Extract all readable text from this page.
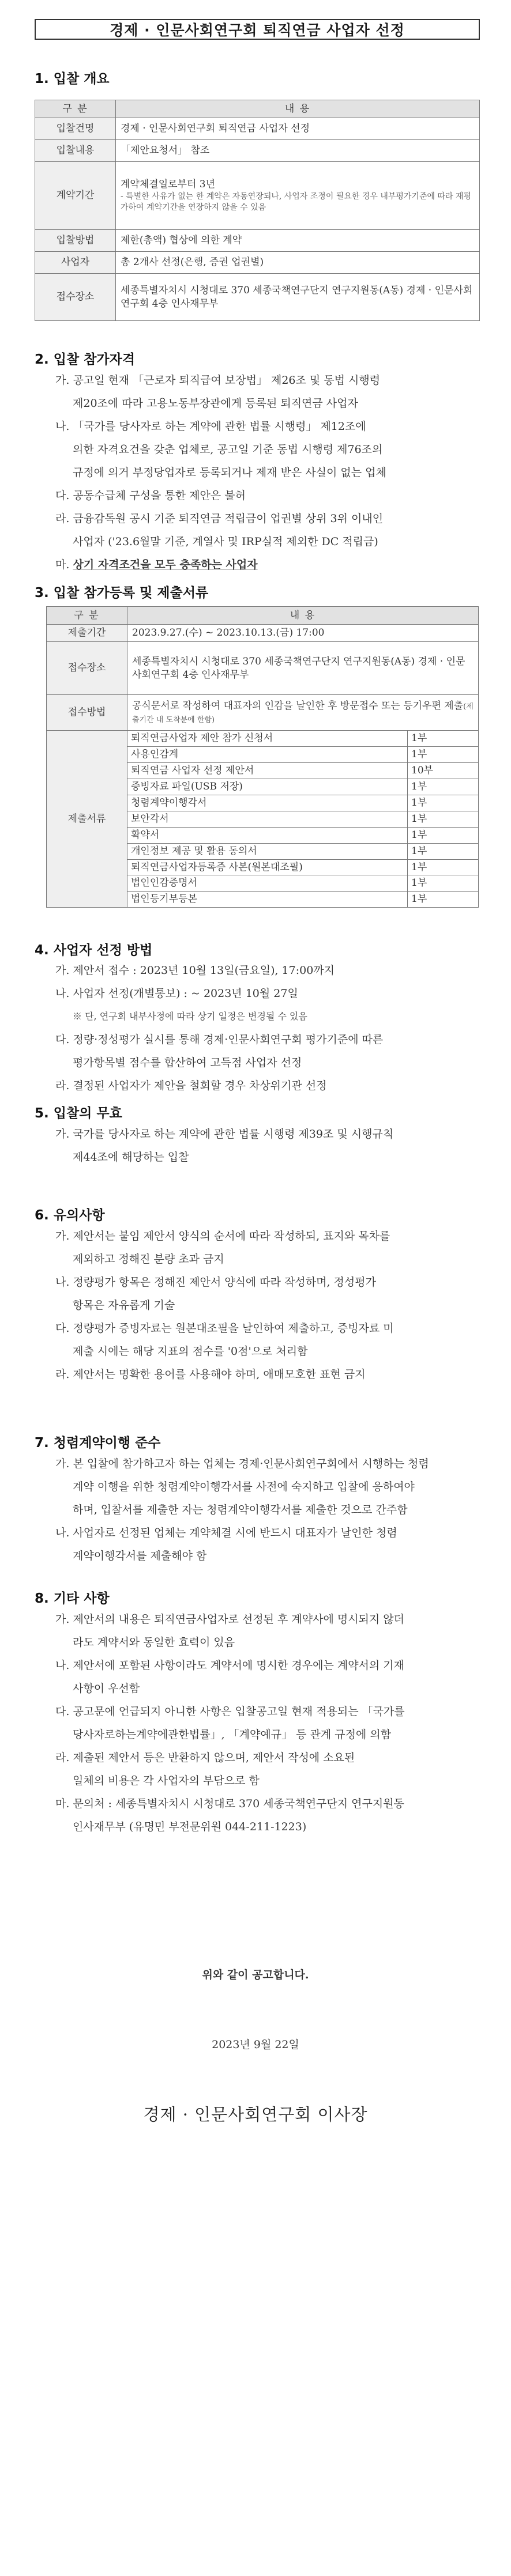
경제 · 인문사회연구회 퇴직연금 사업자 선정
1. 입찰 개요
구 분	내 용
입찰건명	경제 · 인문사회연구회 퇴직연금 사업자 선정
입찰내용	「제안요청서」 참조
계약기간	계약체결일로부터 3년
- 특별한 사유가 없는 한 계약은 자동연장되나, 사업자 조정이 필요한 경우 내부평가기준에 따라 재평가하여 계약기간을 연장하지 않을 수 있음

입찰방법	제한(총액) 협상에 의한 계약
사업자	총 2개사 선정(은행, 증권 업권별)
접수장소	세종특별자치시 시청대로 370 세종국책연구단지 연구지원동(A동) 경제 · 인문사회연구회 4층 인사재무부
2. 입찰 참가자격
가. 공고일 현재 「근로자 퇴직급여 보장법」 제26조 및 동법 시행령
제20조에 따라 고용노동부장관에게 등록된 퇴직연금 사업자
나. 「국가를 당사자로 하는 계약에 관한 법률 시행령」 제12조에
의한 자격요건을 갖춘 업체로, 공고일 기준 동법 시행령 제76조의
규정에 의거 부정당업자로 등록되거나 제재 받은 사실이 없는 업체
다. 공동수급체 구성을 통한 제안은 불허
라. 금융감독원 공시 기준 퇴직연금 적립금이 업권별 상위 3위 이내인
사업자 ('23.6월말 기준, 계열사 및 IRP실적 제외한 DC 적립금)
마. 상기 자격조건을 모두 충족하는 사업자
3. 입찰 참가등록 및 제출서류
구 분	내 용
제출기간	2023.9.27.(수) ~ 2023.10.13.(금) 17:00
접수장소	세종특별자치시 시청대로 370 세종국책연구단지 연구지원동(A동) 경제 · 인문사회연구회 4층 인사재무부
접수방법	공식문서로 작성하여 대표자의 인감을 날인한 후 방문접수 또는 등기우편 제출(제출기간 내 도착분에 한함)
제출서류	
퇴직연금사업자 제안 참가 신청서	1부
사용인감계	1부
퇴직연금 사업자 선정 제안서	10부
증빙자료 파일(USB 저장)	1부
청렴계약이행각서	1부
보안각서	1부
확약서	1부
개인정보 제공 및 활용 동의서	1부
퇴직연금사업자등록증 사본(원본대조필)	1부
법인인감증명서	1부
법인등기부등본	1부
4. 사업자 선정 방법
가. 제안서 접수 : 2023년 10월 13일(금요일), 17:00까지
나. 사업자 선정(개별통보) : ~ 2023년 10월 27일
※ 단, 연구회 내부사정에 따라 상기 일정은 변경될 수 있음
다. 정량·정성평가 실시를 통해 경제·인문사회연구회 평가기준에 따른
평가항목별 점수를 합산하여 고득점 사업자 선정
라. 결정된 사업자가 제안을 철회할 경우 차상위기관 선정
5. 입찰의 무효
가. 국가를 당사자로 하는 계약에 관한 법률 시행령 제39조 및 시행규칙
제44조에 해당하는 입찰
6. 유의사항
가. 제안서는 붙임 제안서 양식의 순서에 따라 작성하되, 표지와 목차를
제외하고 정해진 분량 초과 금지
나. 정량평가 항목은 정해진 제안서 양식에 따라 작성하며, 정성평가
항목은 자유롭게 기술
다. 정량평가 증빙자료는 원본대조필을 날인하여 제출하고, 증빙자료 미
제출 시에는 해당 지표의 점수를 '0점'으로 처리함
라. 제안서는 명확한 용어를 사용해야 하며, 애매모호한 표현 금지
7. 청렴계약이행 준수
가. 본 입찰에 참가하고자 하는 업체는 경제·인문사회연구회에서 시행하는 청렴
계약 이행을 위한 청렴계약이행각서를 사전에 숙지하고 입찰에 응하여야
하며, 입찰서를 제출한 자는 청렴계약이행각서를 제출한 것으로 간주함
나. 사업자로 선정된 업체는 계약체결 시에 반드시 대표자가 날인한 청렴
계약이행각서를 제출해야 함
8. 기타 사항
가. 제안서의 내용은 퇴직연금사업자로 선정된 후 계약사에 명시되지 않더
라도 계약서와 동일한 효력이 있음
나. 제안서에 포함된 사항이라도 계약서에 명시한 경우에는 계약서의 기재
사항이 우선함
다. 공고문에 언급되지 아니한 사항은 입찰공고일 현재 적용되는 「국가를
당사자로하는계약에관한법률」, 「계약예규」 등 관계 규정에 의함
라. 제출된 제안서 등은 반환하지 않으며, 제안서 작성에 소요된
일체의 비용은 각 사업자의 부담으로 함
마. 문의처 : 세종특별자치시 시청대로 370 세종국책연구단지 연구지원동
인사재무부 (유명민 부전문위원 044-211-1223)
위와 같이 공고합니다.
2023년 9월 22일
경제 · 인문사회연구회 이사장
